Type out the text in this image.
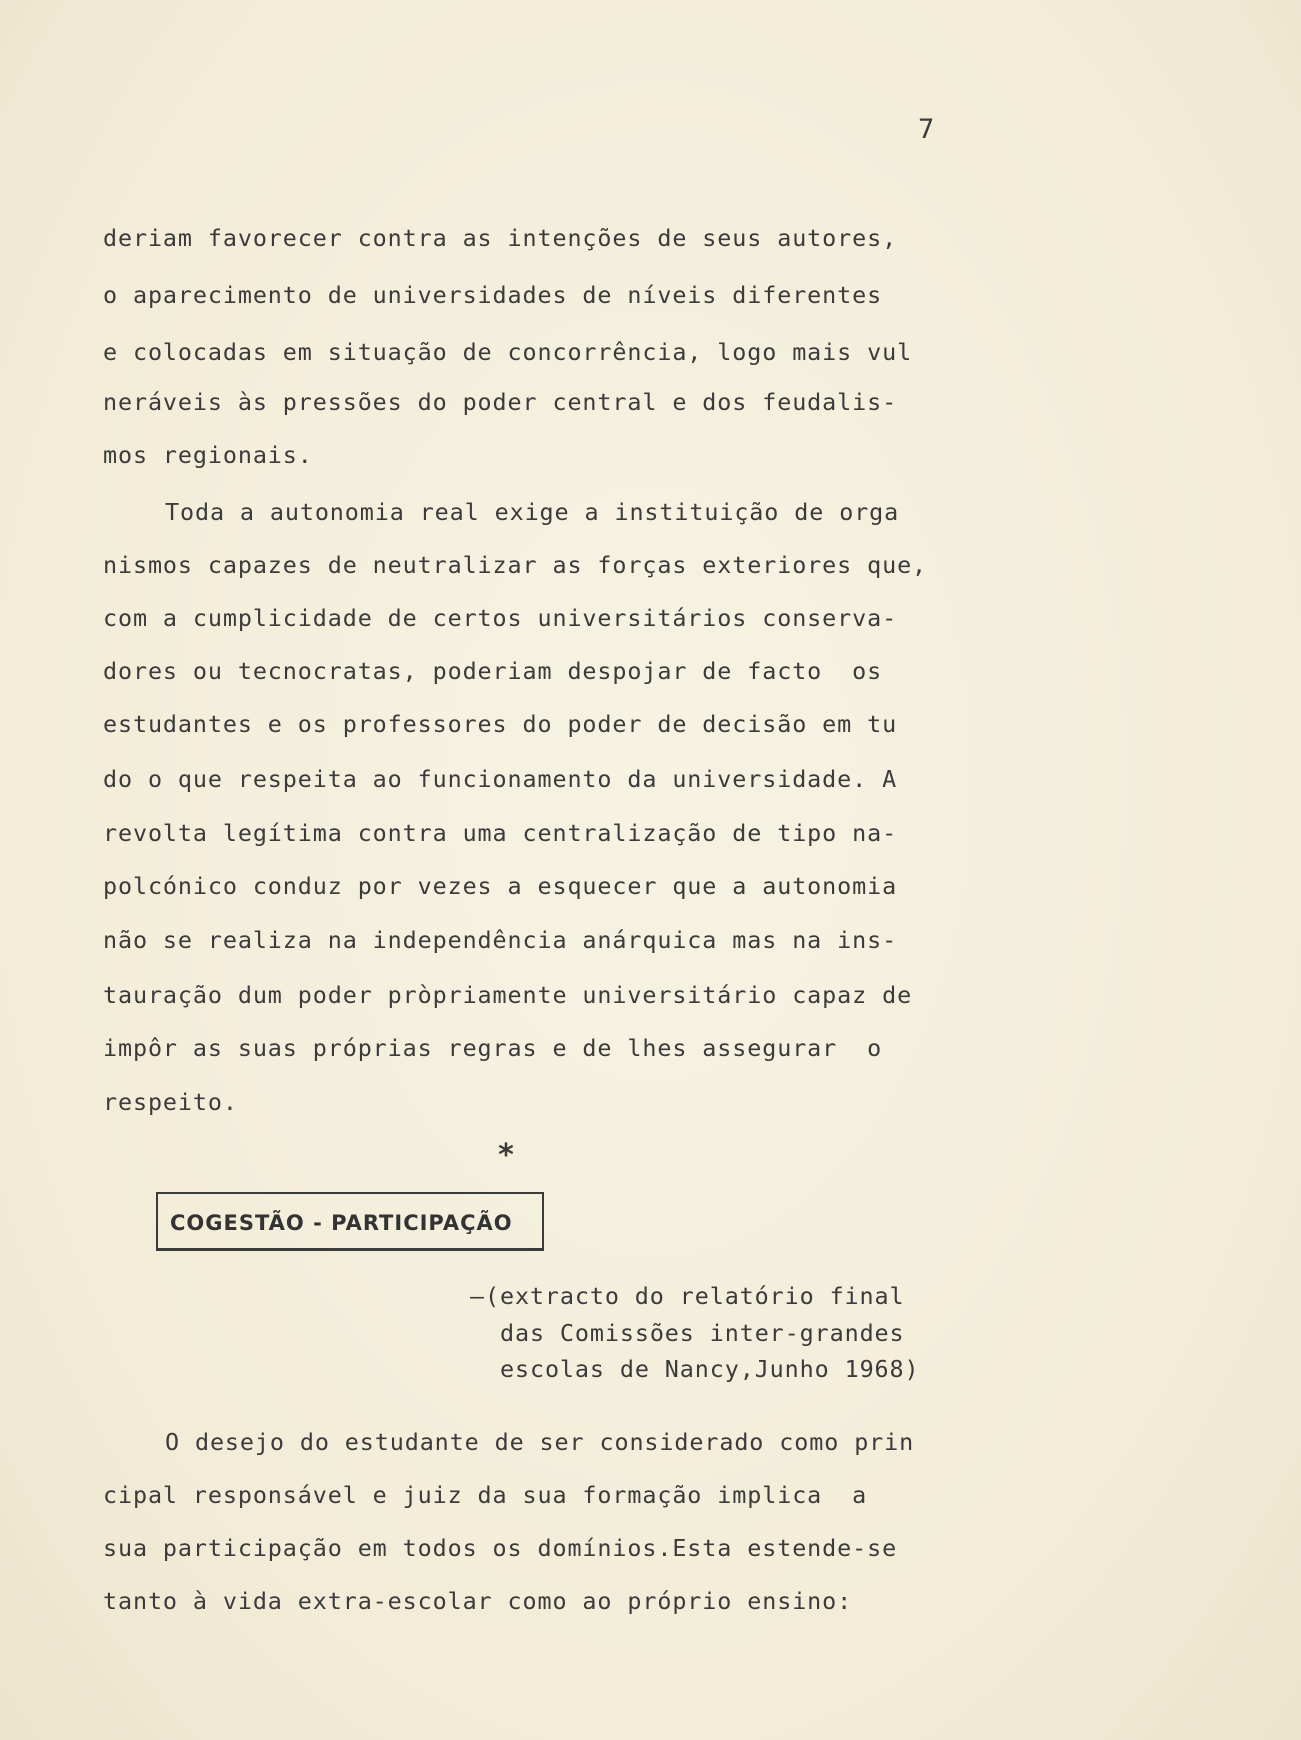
7
deriam favorecer contra as intenções de seus autores,
o aparecimento de universidades de níveis diferentes
e colocadas em situação de concorrência, logo mais vul
neráveis às pressões do poder central e dos feudalis-
mos regionais.
Toda a autonomia real exige a instituição de orga
nismos capazes de neutralizar as forças exteriores que,
com a cumplicidade de certos universitários conserva-
dores ou tecnocratas, poderiam despojar de facto  os
estudantes e os professores do poder de decisão em tu
do o que respeita ao funcionamento da universidade. A
revolta legítima contra uma centralização de tipo na-
polcónico conduz por vezes a esquecer que a autonomia
não se realiza na independência anárquica mas na ins-
tauração dum poder pròpriamente universitário capaz de
impôr as suas próprias regras e de lhes assegurar  o
respeito.
*
COGESTÃO - PARTICIPAÇÃO
—(extracto do relatório final
das Comissões inter-grandes
escolas de Nancy,Junho 1968)
O desejo do estudante de ser considerado como prin
cipal responsável e juiz da sua formação implica  a
sua participação em todos os domínios.Esta estende-se
tanto à vida extra-escolar como ao próprio ensino:
